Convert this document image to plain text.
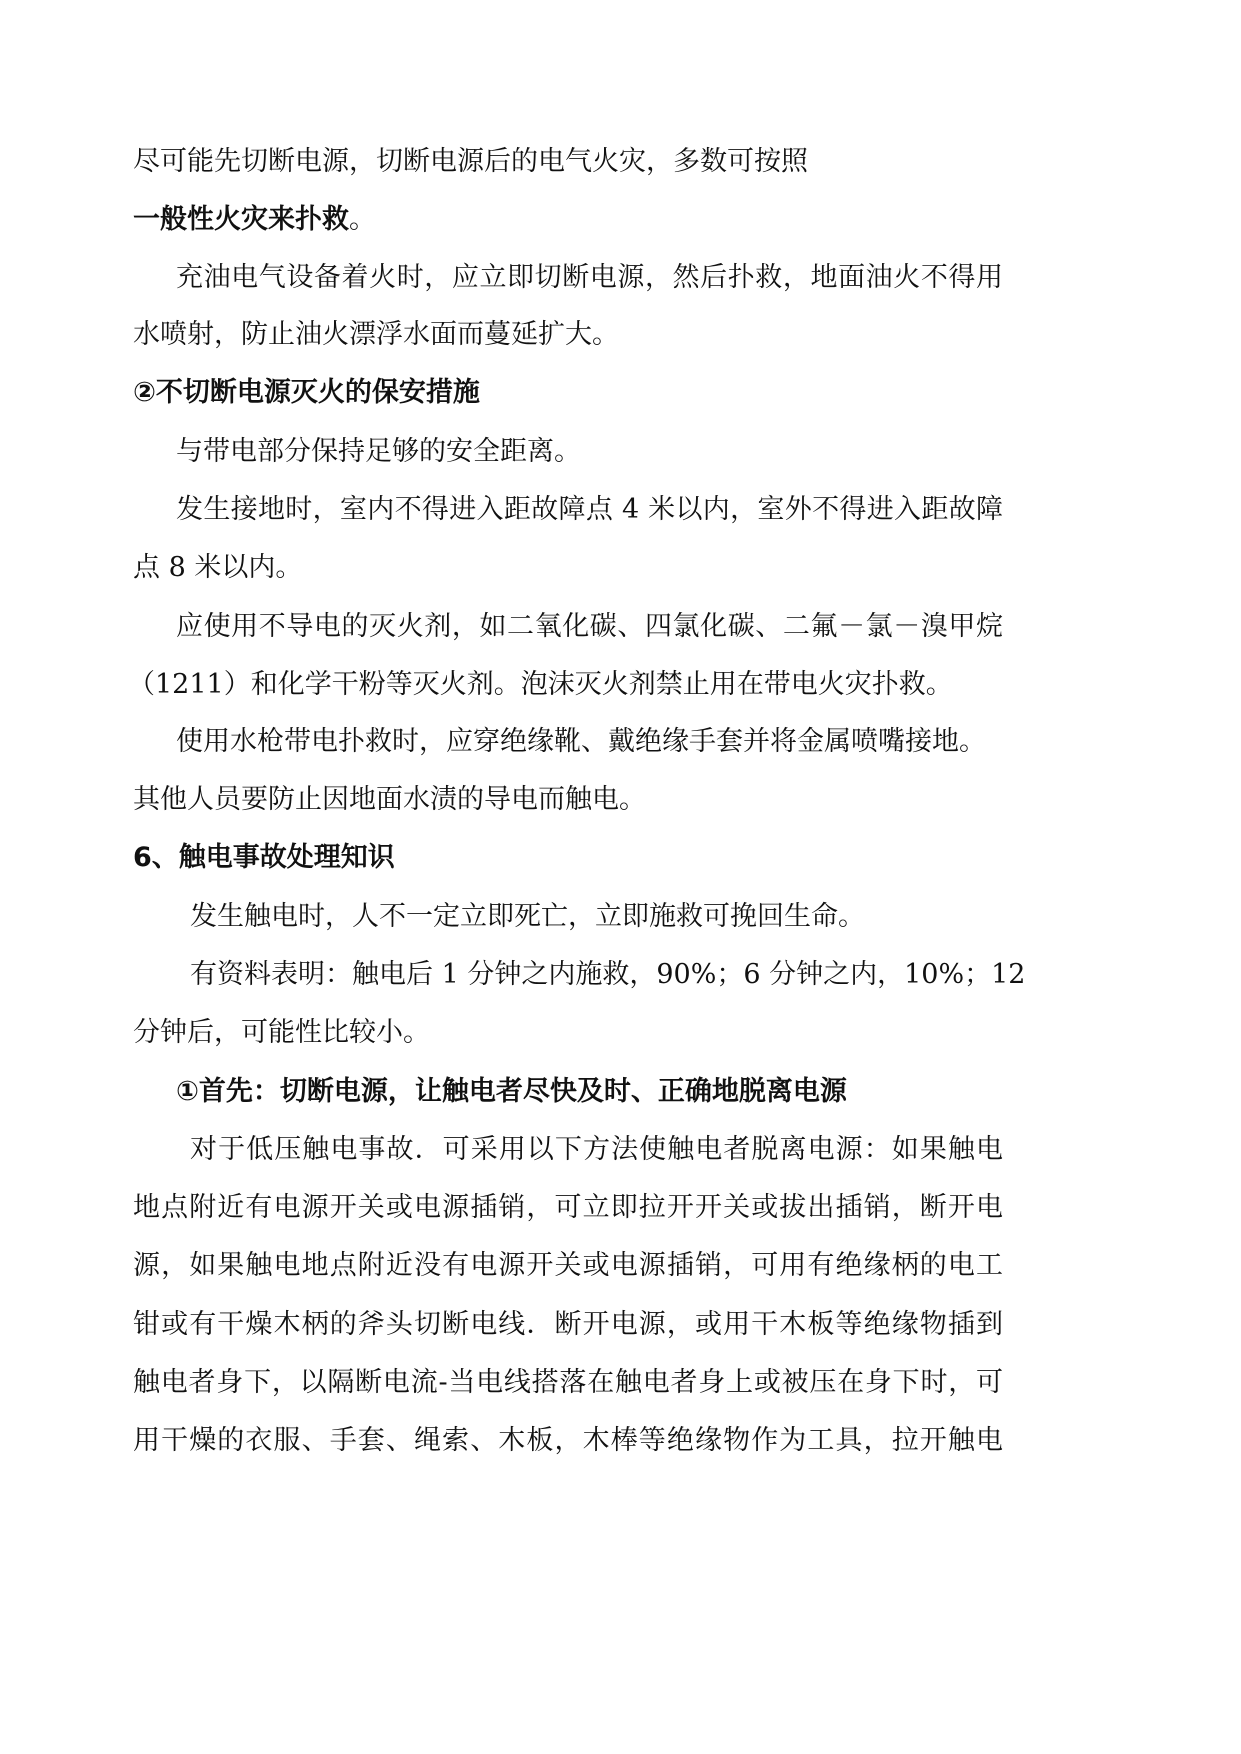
尽可能先切断电源，切断电源后的电气火灾，多数可按照
一般性火灾来扑救。
充油电气设备着火时，应立即切断电源，然后扑救，地面油火不得用
水喷射，防止油火漂浮水面而蔓延扩大。
②不切断电源灭火的保安措施
与带电部分保持足够的安全距离。
发生接地时，室内不得进入距故障点 4 米以内，室外不得进入距故障
点 8 米以内。
应使用不导电的灭火剂，如二氧化碳、四氯化碳、二氟－氯－溴甲烷
（1211）和化学干粉等灭火剂。泡沫灭火剂禁止用在带电火灾扑救。
使用水枪带电扑救时，应穿绝缘靴、戴绝缘手套并将金属喷嘴接地。
其他人员要防止因地面水渍的导电而触电。
6、触电事故处理知识
发生触电时，人不一定立即死亡，立即施救可挽回生命。
有资料表明：触电后 1 分钟之内施救，90%；6 分钟之内，10%；12
分钟后，可能性比较小。
①首先：切断电源，让触电者尽快及时、正确地脱离电源
对于低压触电事故．可采用以下方法使触电者脱离电源：如果触电
地点附近有电源开关或电源插销，可立即拉开开关或拔出插销，断开电
源，如果触电地点附近没有电源开关或电源插销，可用有绝缘柄的电工
钳或有干燥木柄的斧头切断电线．断开电源，或用干木板等绝缘物插到
触电者身下，以隔断电流-当电线搭落在触电者身上或被压在身下时，可
用干燥的衣服、手套、绳索、木板，木棒等绝缘物作为工具，拉开触电
